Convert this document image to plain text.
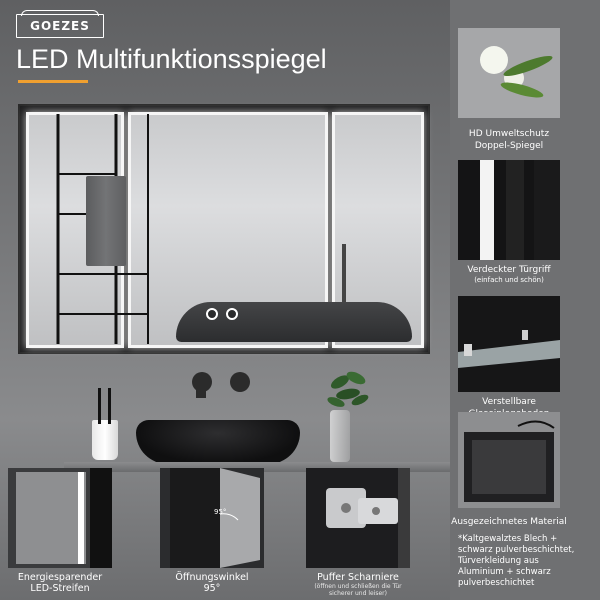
GOEZES
LED Multifunktionsspiegel
Energiesparender
LED-Streifen
95°
Öffnungswinkel
95°
Puffer Scharniere
(öffnen und schließen die Tür
sicherer und leiser)
HD Umweltschutz
Doppel-Spiegel
Verdeckter Türgriff
(einfach und schön)
Verstellbare
Ausgezeichnetes Material
*Kaltgewalztes Blech +
schwarz pulverbeschichtet,
Türverkleidung aus
Aluminium + schwarz
pulverbeschichtet
